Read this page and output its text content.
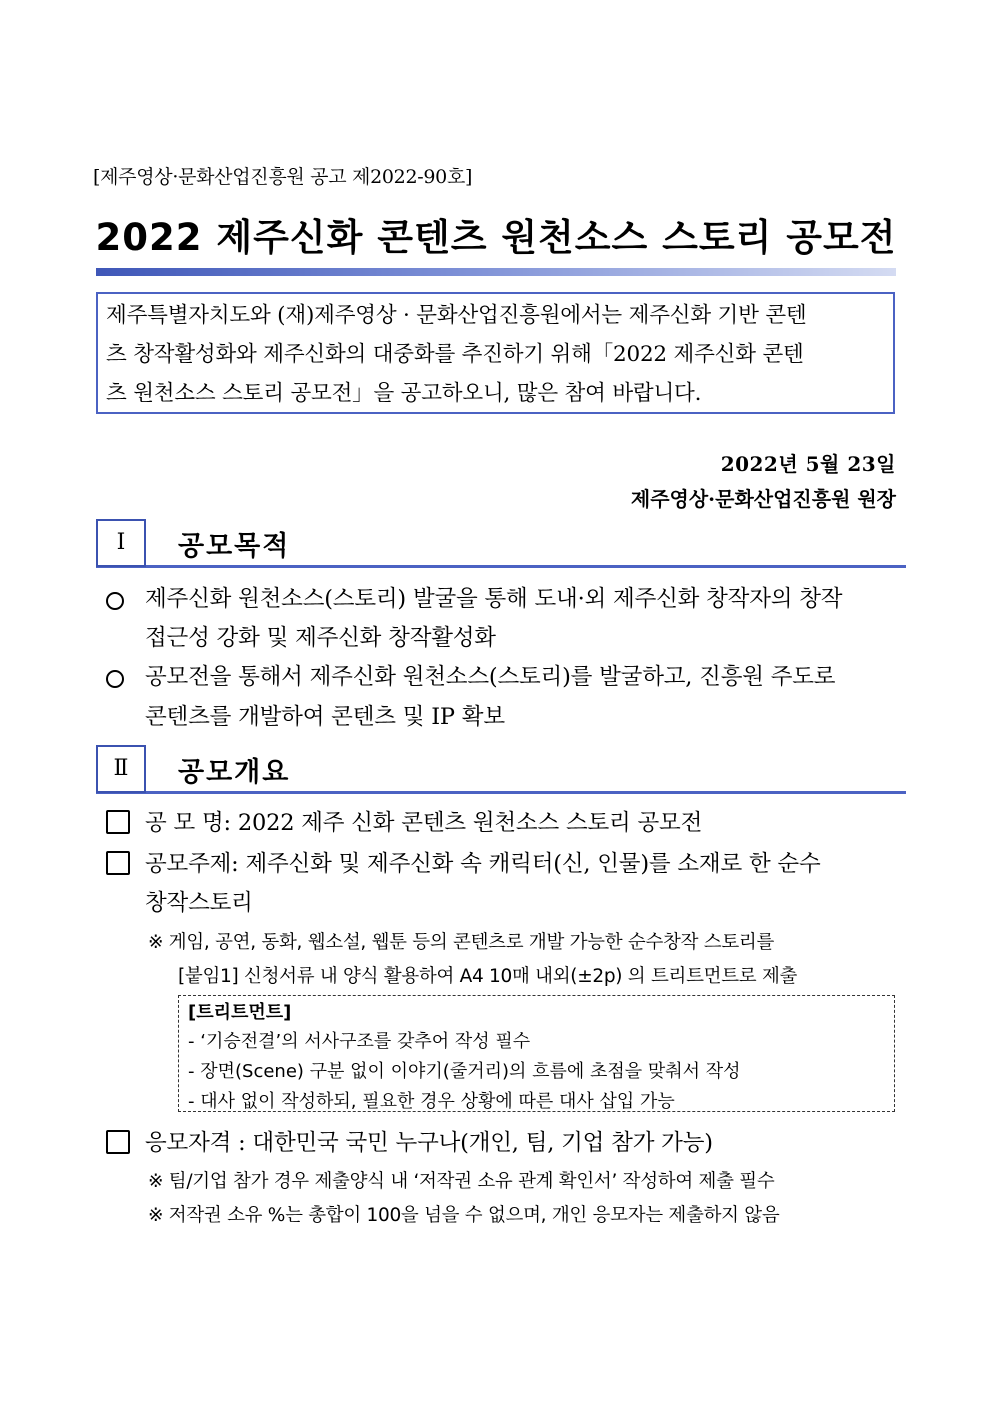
[제주영상·문화산업진흥원 공고 제2022-90호]
2022 제주신화 콘텐츠 원천소스 스토리 공모전
제주특별자치도와 (재)제주영상 · 문화산업진흥원에서는 제주신화 기반 콘텐
츠 창작활성화와 제주신화의 대중화를 추진하기 위해「2022 제주신화 콘텐
츠 원천소스 스토리 공모전」을 공고하오니, 많은 참여 바랍니다.
2022년 5월 23일
제주영상·문화산업진흥원 원장
Ⅰ	공모목적
제주신화 원천소스(스토리) 발굴을 통해 도내·외 제주신화 창작자의 창작
접근성 강화 및 제주신화 창작활성화
공모전을 통해서 제주신화 원천소스(스토리)를 발굴하고, 진흥원 주도로
콘텐츠를 개발하여 콘텐츠 및 IP 확보
Ⅱ	공모개요
공 모 명: 2022 제주 신화 콘텐츠 원천소스 스토리 공모전
공모주제: 제주신화 및 제주신화 속 캐릭터(신, 인물)를 소재로 한 순수
창작스토리
※ 게임, 공연, 동화, 웹소설, 웹툰 등의 콘텐츠로 개발 가능한 순수창작 스토리를
[붙임1] 신청서류 내 양식 활용하여 A4 10매 내외(±2p) 의 트리트먼트로 제출
[트리트먼트]
- ‘기승전결’의 서사구조를 갖추어 작성 필수
- 장면(Scene) 구분 없이 이야기(줄거리)의 흐름에 초점을 맞춰서 작성
- 대사 없이 작성하되, 필요한 경우 상황에 따른 대사 삽입 가능
응모자격 : 대한민국 국민 누구나(개인, 팀, 기업 참가 가능)
※ 팀/기업 참가 경우 제출양식 내 ‘저작권 소유 관계 확인서’ 작성하여 제출 필수
※ 저작권 소유 %는 총합이 100을 넘을 수 없으며, 개인 응모자는 제출하지 않음
